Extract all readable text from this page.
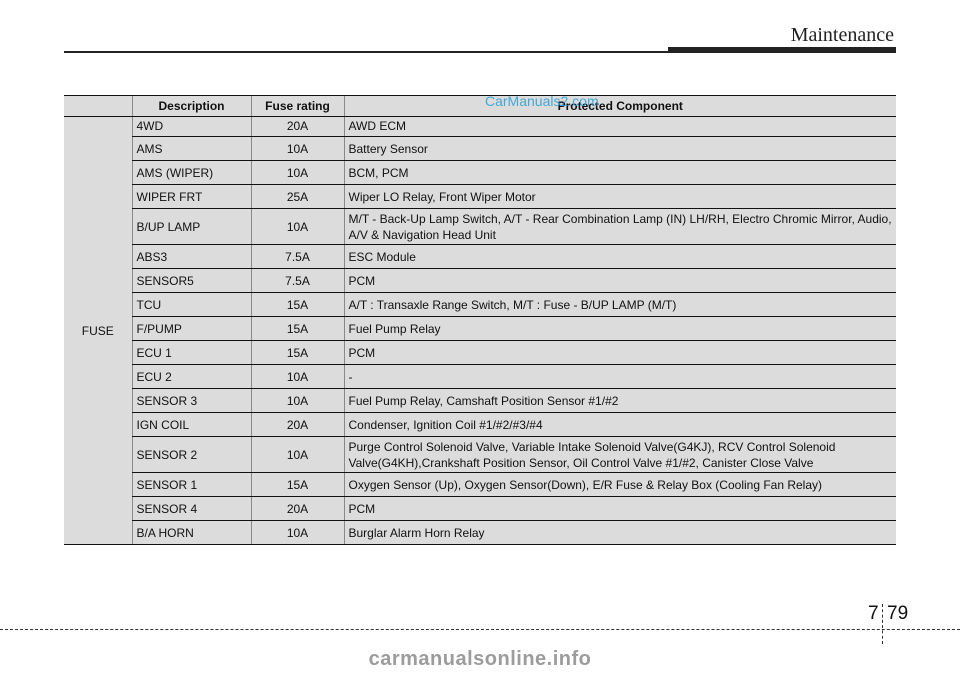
Maintenance
	Description	Fuse rating	Protected Component
FUSE	4WD	20A	AWD ECM
	AMS	10A	Battery Sensor
	AMS (WIPER)	10A	BCM, PCM
	WIPER FRT	25A	Wiper LO Relay, Front Wiper Motor
	B/UP LAMP	10A	M/T - Back-Up Lamp Switch, A/T - Rear Combination Lamp (IN) LH/RH, Electro Chromic Mirror, Audio, A/V & Navigation Head Unit
	ABS3	7.5A	ESC Module
	SENSOR5	7.5A	PCM
	TCU	15A	A/T : Transaxle Range Switch, M/T : Fuse - B/UP LAMP (M/T)
	F/PUMP	15A	Fuel Pump Relay
	ECU 1	15A	PCM
	ECU 2	10A	-
	SENSOR 3	10A	Fuel Pump Relay, Camshaft Position Sensor #1/#2
	IGN COIL	20A	Condenser, Ignition Coil #1/#2/#3/#4
	SENSOR 2	10A	Purge Control Solenoid Valve, Variable Intake Solenoid Valve(G4KJ), RCV Control Solenoid Valve(G4KH),Crankshaft Position Sensor, Oil Control Valve #1/#2, Canister Close Valve
	SENSOR 1	15A	Oxygen Sensor (Up), Oxygen Sensor(Down), E/R Fuse & Relay Box (Cooling Fan Relay)
	SENSOR 4	20A	PCM
	B/A HORN	10A	Burglar Alarm Horn Relay
CarManuals2.com
7 79
carmanualsonline.info
